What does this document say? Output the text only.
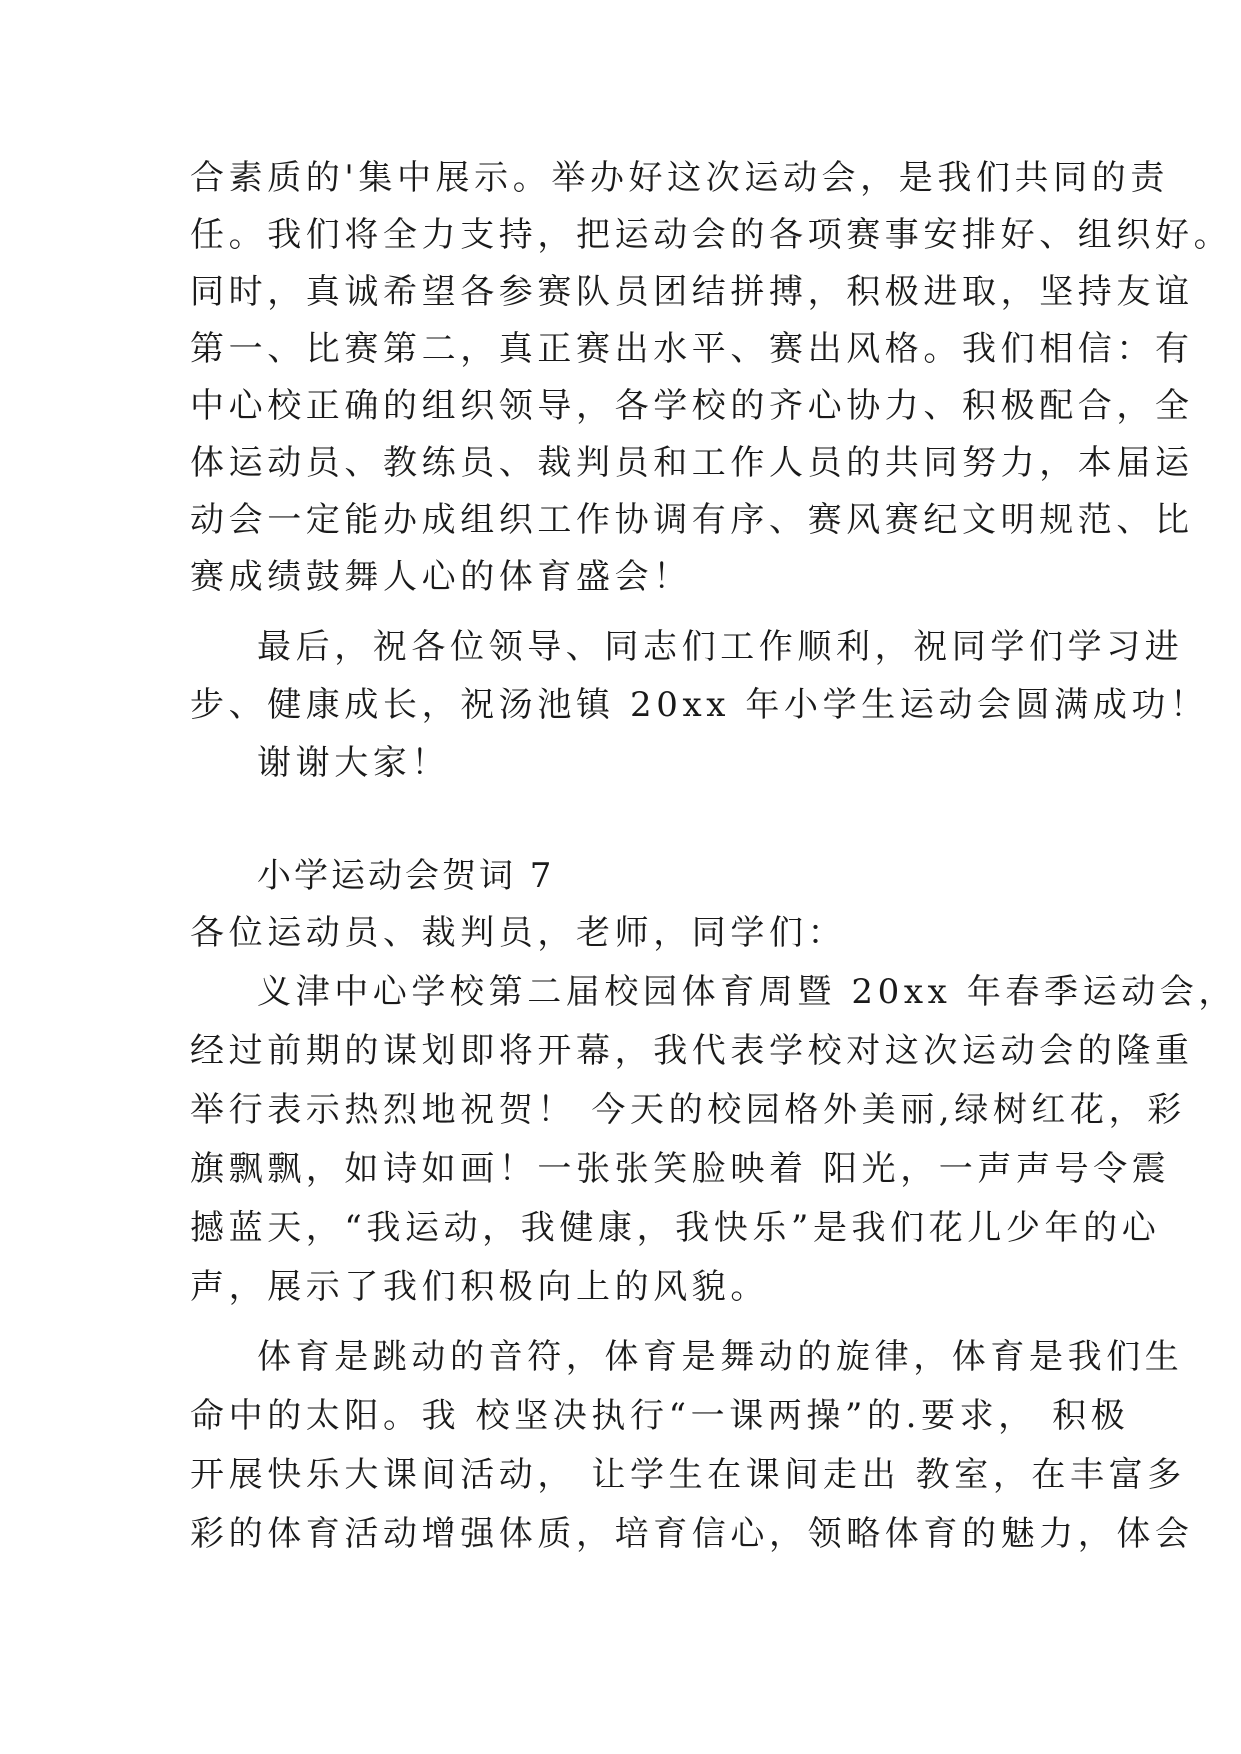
合素质的'集中展示。举办好这次运动会，是我们共同的责

任。我们将全力支持，把运动会的各项赛事安排好、组织好。

同时，真诚希望各参赛队员团结拼搏，积极进取，坚持友谊

第一、比赛第二，真正赛出水平、赛出风格。我们相信：有

中心校正确的组织领导，各学校的齐心协力、积极配合，全

体运动员、教练员、裁判员和工作人员的共同努力，本届运

动会一定能办成组织工作协调有序、赛风赛纪文明规范、比

赛成绩鼓舞人心的体育盛会！

最后，祝各位领导、同志们工作顺利，祝同学们学习进

步、健康成长，祝汤池镇 20xx 年小学生运动会圆满成功！

谢谢大家！

小学运动会贺词 7

各位运动员、裁判员，老师，同学们：

义津中心学校第二届校园体育周暨 20xx 年春季运动会，

经过前期的谋划即将开幕，我代表学校对这次运动会的隆重

举行表示热烈地祝贺！ 今天的校园格外美丽,绿树红花，彩

旗飘飘，如诗如画！一张张笑脸映着 阳光，一声声号令震

撼蓝天，“我运动，我健康，我快乐”是我们花儿少年的心

声，展示了我们积极向上的风貌。

体育是跳动的音符，体育是舞动的旋律，体育是我们生

命中的太阳。我 校坚决执行“一课两操”的.要求， 积极

开展快乐大课间活动， 让学生在课间走出 教室，在丰富多

彩的体育活动增强体质，培育信心，领略体育的魅力，体会
